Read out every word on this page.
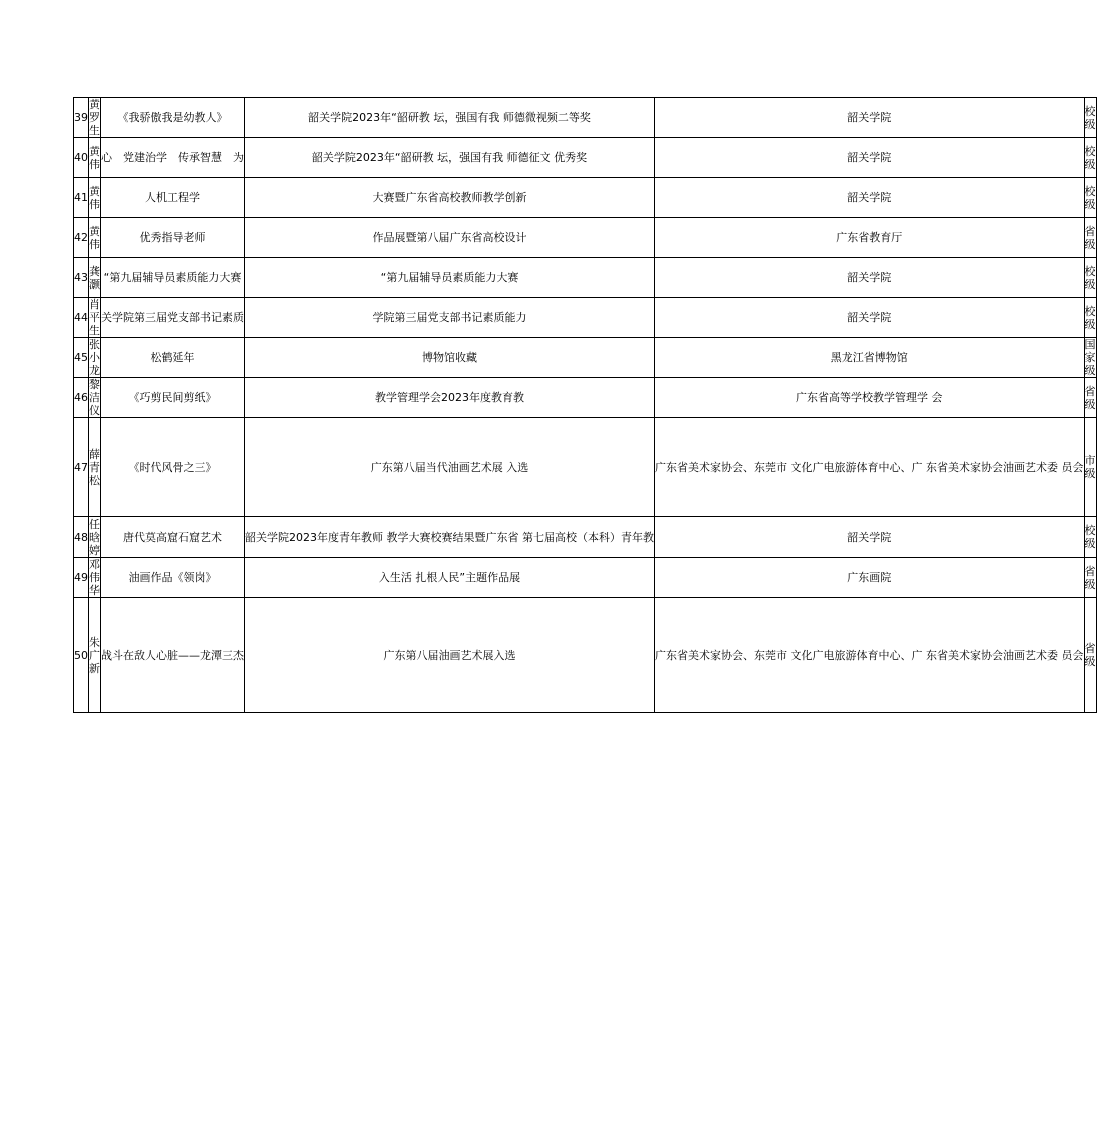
39	黄罗生	《我骄傲我是幼教人》	韶关学院2023年“韶研教 坛，强国有我 师德微视频二等奖	韶关学院	校级

40	黄伟	心　党建治学　传承智慧　为	韶关学院2023年“韶研教 坛，强国有我 师德征文 优秀奖	韶关学院	校级

41	黄伟	人机工程学	大赛暨广东省高校教师教学创新	韶关学院	校级

42	黄伟	优秀指导老师	作品展暨第八届广东省高校设计	广东省教育厅	省级

43	龚灏	“第九届辅导员素质能力大赛	“第九届辅导员素质能力大赛	韶关学院	校级

44	肖平生	关学院第三届党支部书记素质	学院第三届党支部书记素质能力	韶关学院	校级

45	张小龙	松鹤延年	博物馆收藏	黑龙江省博物馆	国家级

46	黎洁仪	《巧剪民间剪纸》	教学管理学会2023年度教育教	广东省高等学校教学管理学 会	省级

47	薛青松	《时代风骨之三》	广东第八届当代油画艺术展 入选	广东省美术家协会、东莞市 文化广电旅游体育中心、广 东省美术家协会油画艺术委 员会	市级

48	任晗婷	唐代莫高窟石窟艺术	韶关学院2023年度青年教师 教学大赛校赛结果暨广东省 第七届高校（本科）青年教	韶关学院	校级

49	邓伟华	油画作品《领岗》	入生活 扎根人民”主题作品展	广东画院	省级

50	朱广新	战斗在敌人心脏——龙潭三杰	广东第八届油画艺术展入选	广东省美术家协会、东莞市 文化广电旅游体育中心、广 东省美术家协会油画艺术委 员会	省级
